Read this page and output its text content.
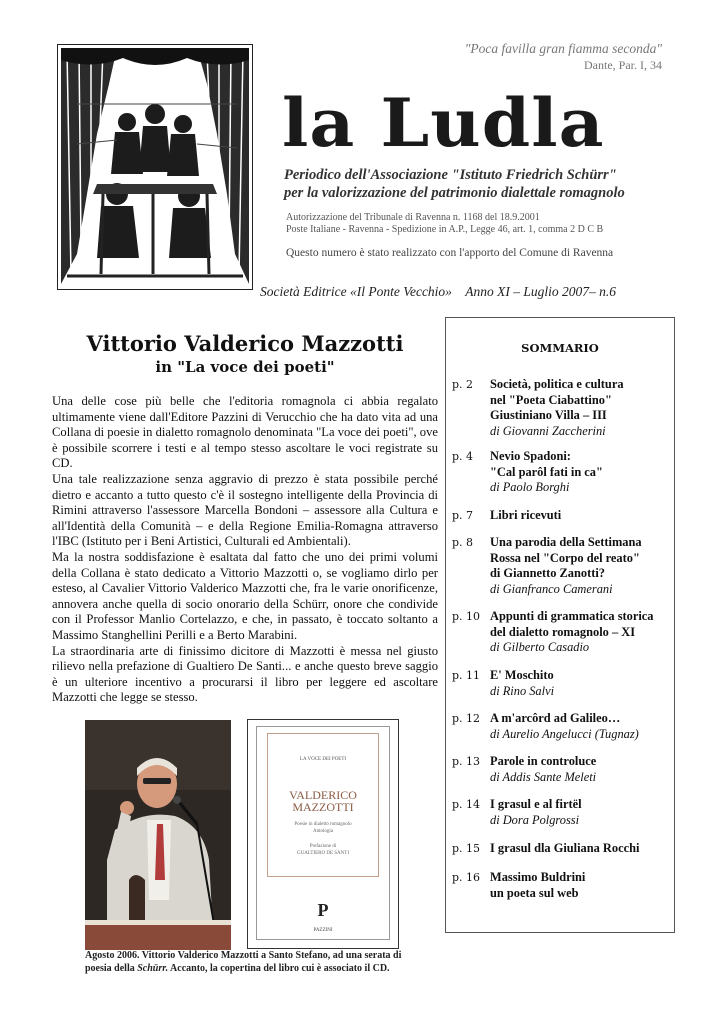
"Poca favilla gran fiamma seconda"
Dante, Par. I, 34
la Ludla
Periodico dell'Associazione "Istituto Friedrich Schürr"
per la valorizzazione del patrimonio dialettale romagnolo
Autorizzazione del Tribunale di Ravenna n. 1168 del 18.9.2001
Poste Italiane - Ravenna - Spedizione in A.P., Legge 46, art. 1, comma 2 D C B
Questo numero è stato realizzato con l'apporto del Comune di Ravenna
Società Editrice «Il Ponte Vecchio» Anno XI – Luglio 2007– n.6
Vittorio Valderico Mazzotti
in "La voce dei poeti"

Una delle cose più belle che l'editoria romagnola ci abbia regalato ultimamente viene dall'Editore Pazzini di Verucchio che ha dato vita ad una Collana di poesie in dialetto romagnolo denominata "La voce dei poeti", ove è possibile scorrere i testi e al tempo stesso ascoltare le voci registrate su CD.

Una tale realizzazione senza aggravio di prezzo è stata possibile perché dietro e accanto a tutto questo c'è il sostegno intelligente della Provincia di Rimini attraverso l'assessore Marcella Bondoni – assessore alla Cultura e all'Identità della Comunità – e della Regione Emilia-Romagna attraverso l'IBC (Istituto per i Beni Artistici, Culturali ed Ambientali).

Ma la nostra soddisfazione è esaltata dal fatto che uno dei primi volumi della Collana è stato dedicato a Vittorio Mazzotti o, se vogliamo dirlo per esteso, al Cavalier Vittorio Valderico Mazzotti che, fra le varie onorificenze, annovera anche quella di socio onorario della Schürr, onore che condivide con il Professor Manlio Cortelazzo, e che, in passato, è toccato soltanto a Massimo Stanghellini Perilli e a Berto Marabini.

La straordinaria arte di finissimo dicitore di Mazzotti è messa nel giusto rilievo nella prefazione di Gualtiero De Santi... e anche questo breve saggio è un ulteriore incentivo a procurarsi il libro per leggere ed ascoltare Mazzotti che legge se stesso.

LA VOCE DEI POETI
VALDERICO
MAZZOTTI
Poesie in dialetto romagnolo
Antologia
Prefazione di
GUALTIERO DE SANTI
P
PAZZINI
Agosto 2006. Vittorio Valderico Mazzotti a Santo Stefano, ad una serata di poesia della Schürr. Accanto, la copertina del libro cui è associato il CD.
SOMMARIO
p. 2	Società, politica e cultura
nel "Poeta Ciabattino"
Giustiniano Villa – III
di Giovanni Zaccherini
p. 4	Nevio Spadoni:
"Cal parôl fati in ca"
di Paolo Borghi
p. 7	Libri ricevuti
p. 8	Una parodia della Settimana
Rossa nel "Corpo del reato"
di Giannetto Zanotti?
di Gianfranco Camerani
p. 10 Appunti di grammatica storica
del dialetto romagnolo – XI
di Gilberto Casadio
p. 11 E' Moschito
di Rino Salvi
p. 12 A m'arcôrd ad Galileo…
di Aurelio Angelucci (Tugnaz)
p. 13 Parole in controluce
di Addis Sante Meleti
p. 14 I grasul e al firtël
di Dora Polgrossi
p. 15 I grasul dla Giuliana Rocchi
p. 16 Massimo Buldrini
un poeta sul web
